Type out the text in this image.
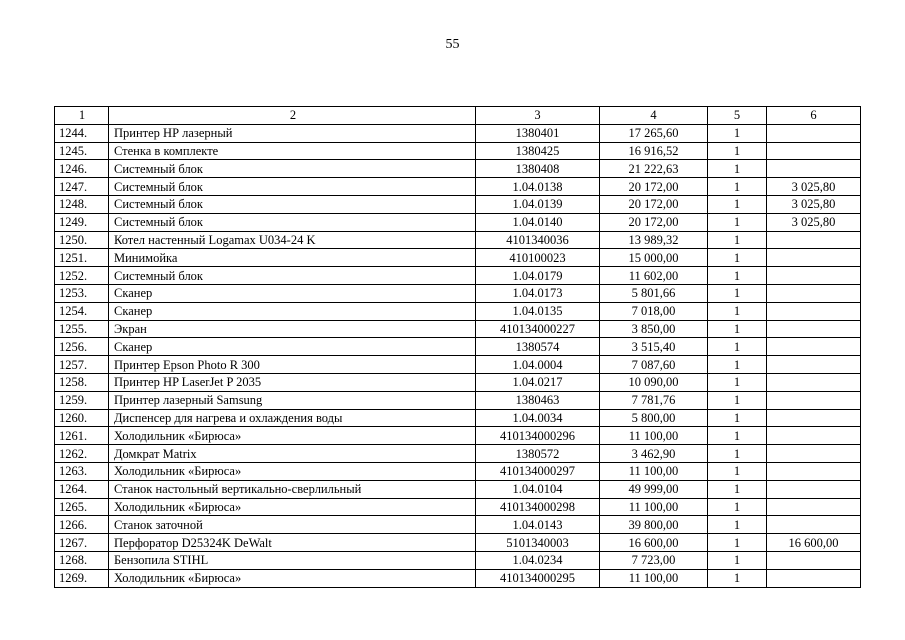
55
1	2	3	4	5	6
1244.	Принтер НР лазерный	1380401	17 265,60	1	
1245.	Стенка в комплекте	1380425	16 916,52	1	
1246.	Системный блок	1380408	21 222,63	1	
1247.	Системный блок	1.04.0138	20 172,00	1	3 025,80
1248.	Системный блок	1.04.0139	20 172,00	1	3 025,80
1249.	Системный блок	1.04.0140	20 172,00	1	3 025,80
1250.	Котел настенный Logamax U034-24 K	4101340036	13 989,32	1	
1251.	Минимойка	410100023	15 000,00	1	
1252.	Системный блок	1.04.0179	11 602,00	1	
1253.	Сканер	1.04.0173	5 801,66	1	
1254.	Сканер	1.04.0135	7 018,00	1	
1255.	Экран	410134000227	3 850,00	1	
1256.	Сканер	1380574	3 515,40	1	
1257.	Принтер Epson Photo R 300	1.04.0004	7 087,60	1	
1258.	Принтер HP LaserJet P 2035	1.04.0217	10 090,00	1	
1259.	Принтер лазерный Samsung	1380463	7 781,76	1	
1260.	Диспенсер для нагрева и охлаждения воды	1.04.0034	5 800,00	1	
1261.	Холодильник «Бирюса»	410134000296	11 100,00	1	
1262.	Домкрат Matrix	1380572	3 462,90	1	
1263.	Холодильник «Бирюса»	410134000297	11 100,00	1	
1264.	Станок настольный вертикально-сверлильный	1.04.0104	49 999,00	1	
1265.	Холодильник «Бирюса»	410134000298	11 100,00	1	
1266.	Станок заточной	1.04.0143	39 800,00	1	
1267.	Перфоратор D25324K DeWalt	5101340003	16 600,00	1	16 600,00
1268.	Бензопила STIHL	1.04.0234	7 723,00	1	
1269.	Холодильник «Бирюса»	410134000295	11 100,00	1	
